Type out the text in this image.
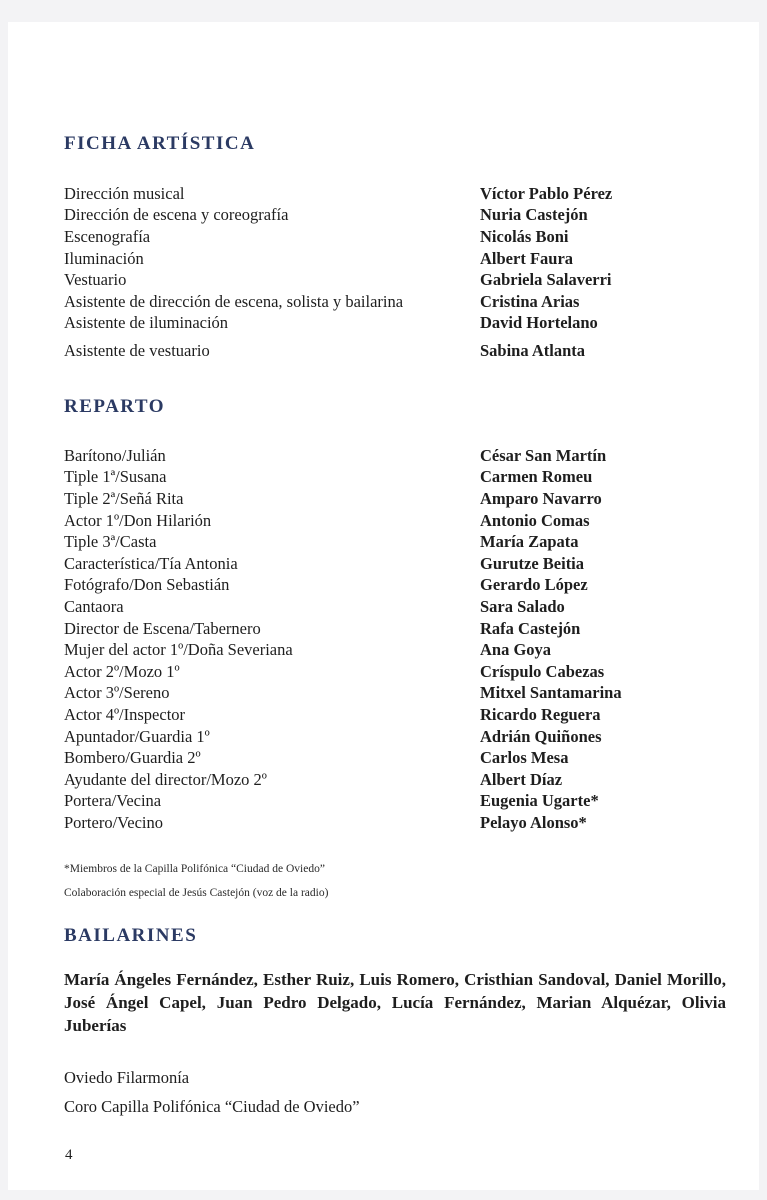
FICHA ARTÍSTICA
Dirección musical	Víctor Pablo Pérez
Dirección de escena y coreografía	Nuria Castejón
Escenografía	Nicolás Boni
Iluminación	Albert Faura
Vestuario	Gabriela Salaverri
Asistente de dirección de escena, solista y bailarina	Cristina Arias
Asistente de iluminación	David Hortelano
Asistente de vestuario	Sabina Atlanta
REPARTO
Barítono/Julián	César San Martín
Tiple 1ª/Susana	Carmen Romeu
Tiple 2ª/Señá Rita	Amparo Navarro
Actor 1º/Don Hilarión	Antonio Comas
Tiple 3ª/Casta	María Zapata
Característica/Tía Antonia	Gurutze Beitia
Fotógrafo/Don Sebastián	Gerardo López
Cantaora	Sara Salado
Director de Escena/Tabernero	Rafa Castejón
Mujer del actor 1º/Doña Severiana	Ana Goya
Actor 2º/Mozo 1º	Críspulo Cabezas
Actor 3º/Sereno	Mitxel Santamarina
Actor 4º/Inspector	Ricardo Reguera
Apuntador/Guardia 1º	Adrián Quiñones
Bombero/Guardia 2º	Carlos Mesa
Ayudante del director/Mozo 2º	Albert Díaz
Portera/Vecina	Eugenia Ugarte*
Portero/Vecino	Pelayo Alonso*

*Miembros de la Capilla Polifónica “Ciudad de Oviedo”

Colaboración especial de Jesús Castejón (voz de la radio)

BAILARINES

María Ángeles Fernández, Esther Ruiz, Luis Romero, Cristhian Sandoval, Daniel Morillo, José Ángel Capel, Juan Pedro Delgado, Lucía Fernández, Marian Alquézar, Olivia Juberías

Oviedo Filarmonía

Coro Capilla Polifónica “Ciudad de Oviedo”

4
